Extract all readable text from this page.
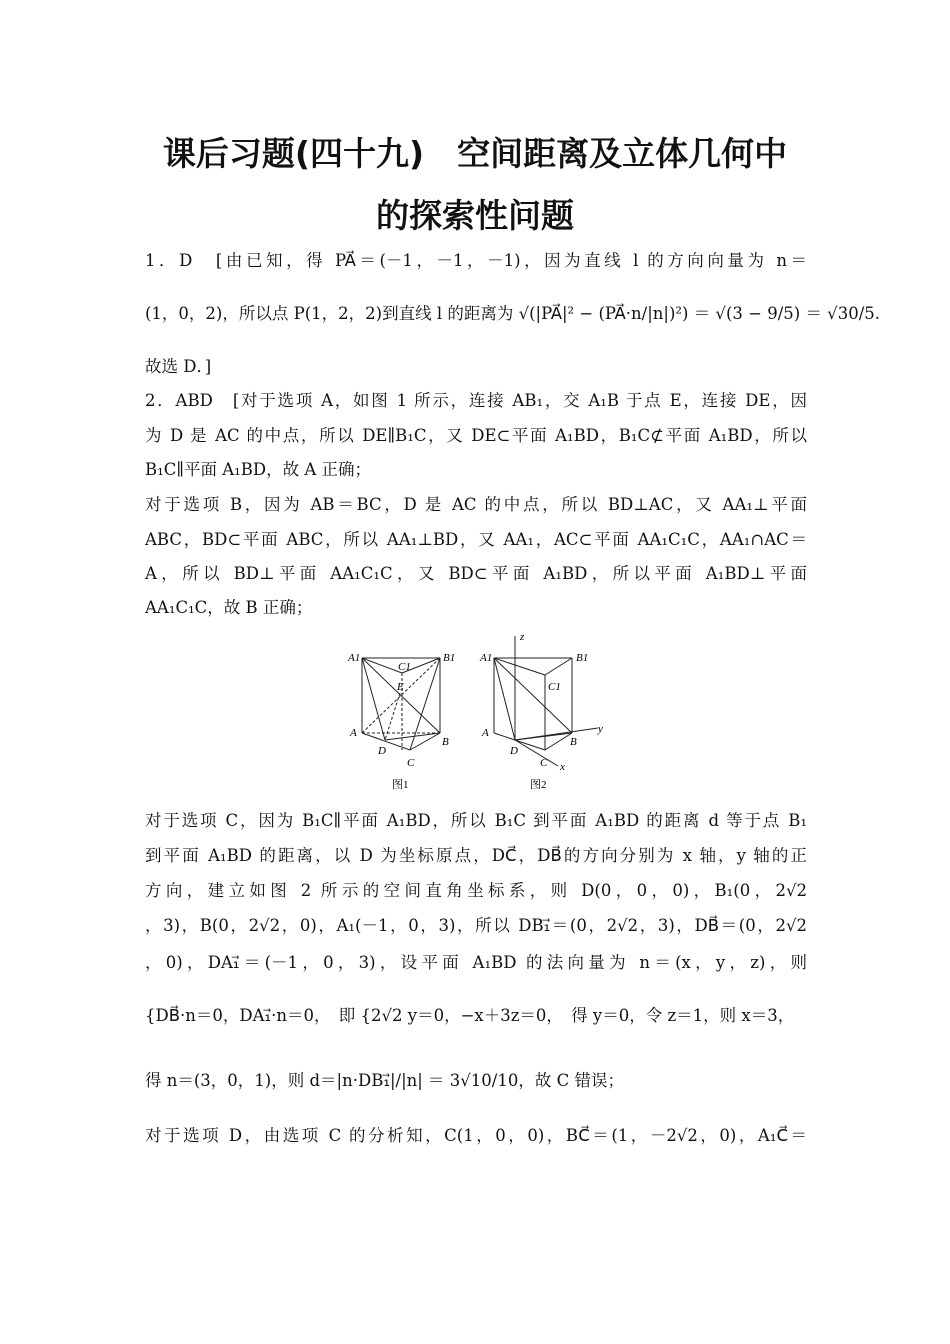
课后习题(四十九)　空间距离及立体几何中
的探索性问题
1．D　[由已知，得 PA⃗＝(－1，－1，－1)，因为直线 l 的方向向量为 n＝
(1，0，2)，所以点 P(1，2，2)到直线 l 的距离为 √(|PA⃗|² − (PA⃗·n/|n|)²) ＝ √(3 − 9/5) ＝ √30/5.
故选 D．]
2．ABD　[对于选项 A，如图 1 所示，连接 AB₁，交 A₁B 于点 E，连接 DE，因
为 D 是 AC 的中点，所以 DE∥B₁C，又 DE⊂平面 A₁BD，B₁C⊄平面 A₁BD，所以
B₁C∥平面 A₁BD，故 A 正确；
对于选项 B，因为 AB＝BC，D 是 AC 的中点，所以 BD⊥AC，又 AA₁⊥平面
ABC，BD⊂平面 ABC，所以 AA₁⊥BD，又 AA₁，AC⊂平面 AA₁C₁C，AA₁∩AC＝
A，所以 BD⊥平面 AA₁C₁C，又 BD⊂平面 A₁BD，所以平面 A₁BD⊥平面
AA₁C₁C，故 B 正确；
A1
C1
B1
E
A
D
B
C
图1
A1	B1
C1
A
D
B
C x
y
z
图2
对于选项 C，因为 B₁C∥平面 A₁BD，所以 B₁C 到平面 A₁BD 的距离 d 等于点 B₁
到平面 A₁BD 的距离，以 D 为坐标原点，DC⃗，DB⃗的方向分别为 x 轴，y 轴的正
方向，建立如图 2 所示的空间直角坐标系，则 D(0，0，0)，B₁(0，2√2
，3)，B(0，2√2，0)，A₁(－1，0，3)，所以 DB₁⃗＝(0，2√2，3)，DB⃗＝(0，2√2
，0)，DA₁⃗＝(－1，0，3)，设平面 A₁BD 的法向量为 n＝(x，y，z)，则
{DB⃗·n＝0，DA₁⃗·n＝0，　即 {2√2 y＝0，−x＋3z＝0，　得 y＝0，令 z＝1，则 x＝3，
得 n＝(3，0，1)，则 d＝|n·DB₁⃗|/|n| ＝ 3√10/10，故 C 错误；
对于选项 D，由选项 C 的分析知，C(1，0，0)，BC⃗＝(1，－2√2，0)，A₁C⃗＝
